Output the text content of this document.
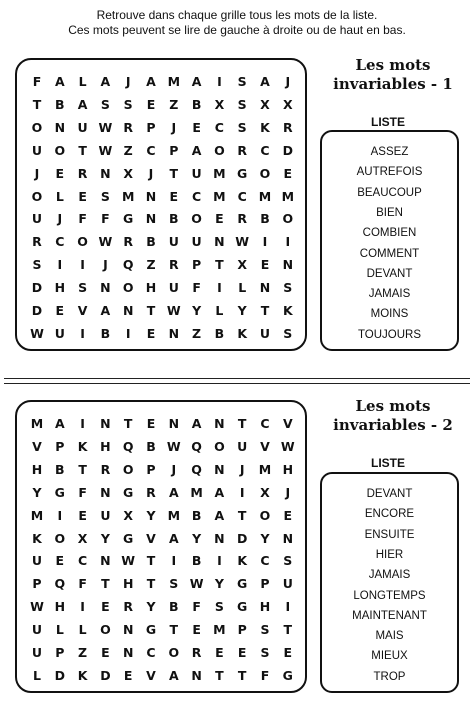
Retrouve dans chaque grille tous les mots de la liste.
Ces mots peuvent se lire de gauche à droite ou de haut en bas.
F	A	L	A	J	A M A	I	S	A	J
T	B	A	S	S	E	Z	B	X	S	X	X
O N U W R	P	J	E	C	S	K	R
U O	T W Z	C	P	A	O	R	C	D
J	E	R	N	X	J	T	U M G O	E
O	L	E	S M N	E	C M C M M
U	J	F	F	G N	B	O	E	R	B	O
R	C	O W R	B	U	U N W	I	I
S	I	I	J	Q	Z	R	P	T	X	E	N
D H	S	N O H U	F	I	L	N	S
D	E	V	A	N	T W Y	L	Y	T	K
W U	I	B	I	E	N	Z	B	K	U	S
Les mots
invariables - 1
LISTE
ASSEZ
AUTREFOIS
BEAUCOUP
BIEN
COMBIEN
COMMENT
DEVANT
JAMAIS
MOINS
TOUJOURS
M A	I	N	T	E	N	A	N	T	C	V
V	P	K	H Q	B W Q O U	V W
H	B	T	R	O	P	J	Q N	J	M H
Y	G	F	N G	R	A M A	I	X	J
M	I	E	U	X	Y M B	A	T	O	E
K	O	X	Y	G	V	A	Y	N D	Y	N
U	E	C	N W T	I	B	I	K	C	S
P	Q	F	T	H	T	S W Y	G	P	U
W H	I	E	R	Y	B	F	S	G H	I
U	L	L	O N G	T	E M P	S	T
U	P	Z	E	N	C	O	R	E	E	S	E
L	D	K	D	E	V	A	N	T	T	F	G
Les mots
invariables - 2
LISTE
DEVANT
ENCORE
ENSUITE
HIER
JAMAIS
LONGTEMPS
MAINTENANT
MAIS
MIEUX
TROP
